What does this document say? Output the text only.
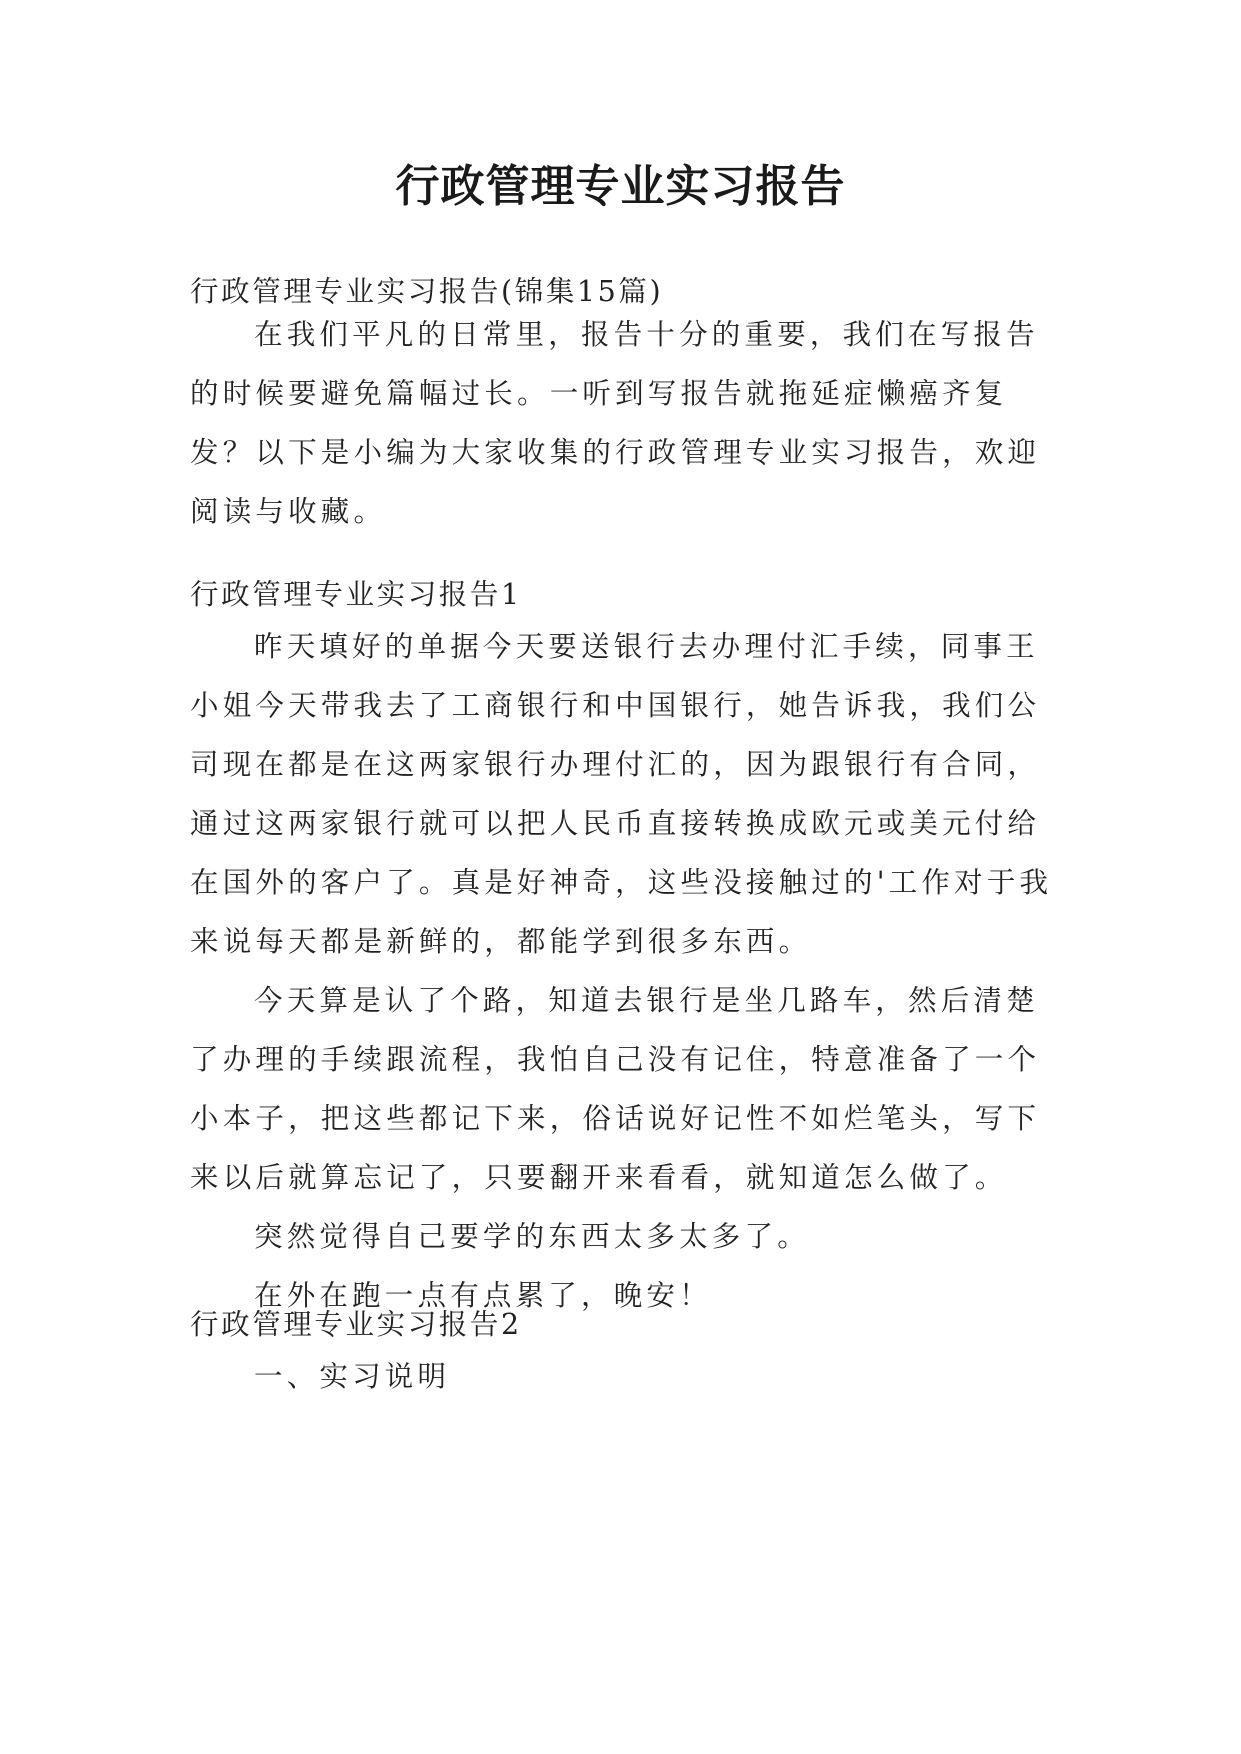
行政管理专业实习报告
行政管理专业实习报告(锦集15篇)

在我们平凡的日常里，报告十分的重要，我们在写报告的时候要避免篇幅过长。一听到写报告就拖延症懒癌齐复发？以下是小编为大家收集的行政管理专业实习报告，欢迎阅读与收藏。

行政管理专业实习报告1

昨天填好的单据今天要送银行去办理付汇手续，同事王小姐今天带我去了工商银行和中国银行，她告诉我，我们公司现在都是在这两家银行办理付汇的，因为跟银行有合同，通过这两家银行就可以把人民币直接转换成欧元或美元付给在国外的客户了。真是好神奇，这些没接触过的'工作对于我来说每天都是新鲜的，都能学到很多东西。

今天算是认了个路，知道去银行是坐几路车，然后清楚了办理的手续跟流程，我怕自己没有记住，特意准备了一个小本子，把这些都记下来，俗话说好记性不如烂笔头，写下来以后就算忘记了，只要翻开来看看，就知道怎么做了。

突然觉得自己要学的东西太多太多了。

在外在跑一点有点累了，晚安！

行政管理专业实习报告2

一、实习说明
